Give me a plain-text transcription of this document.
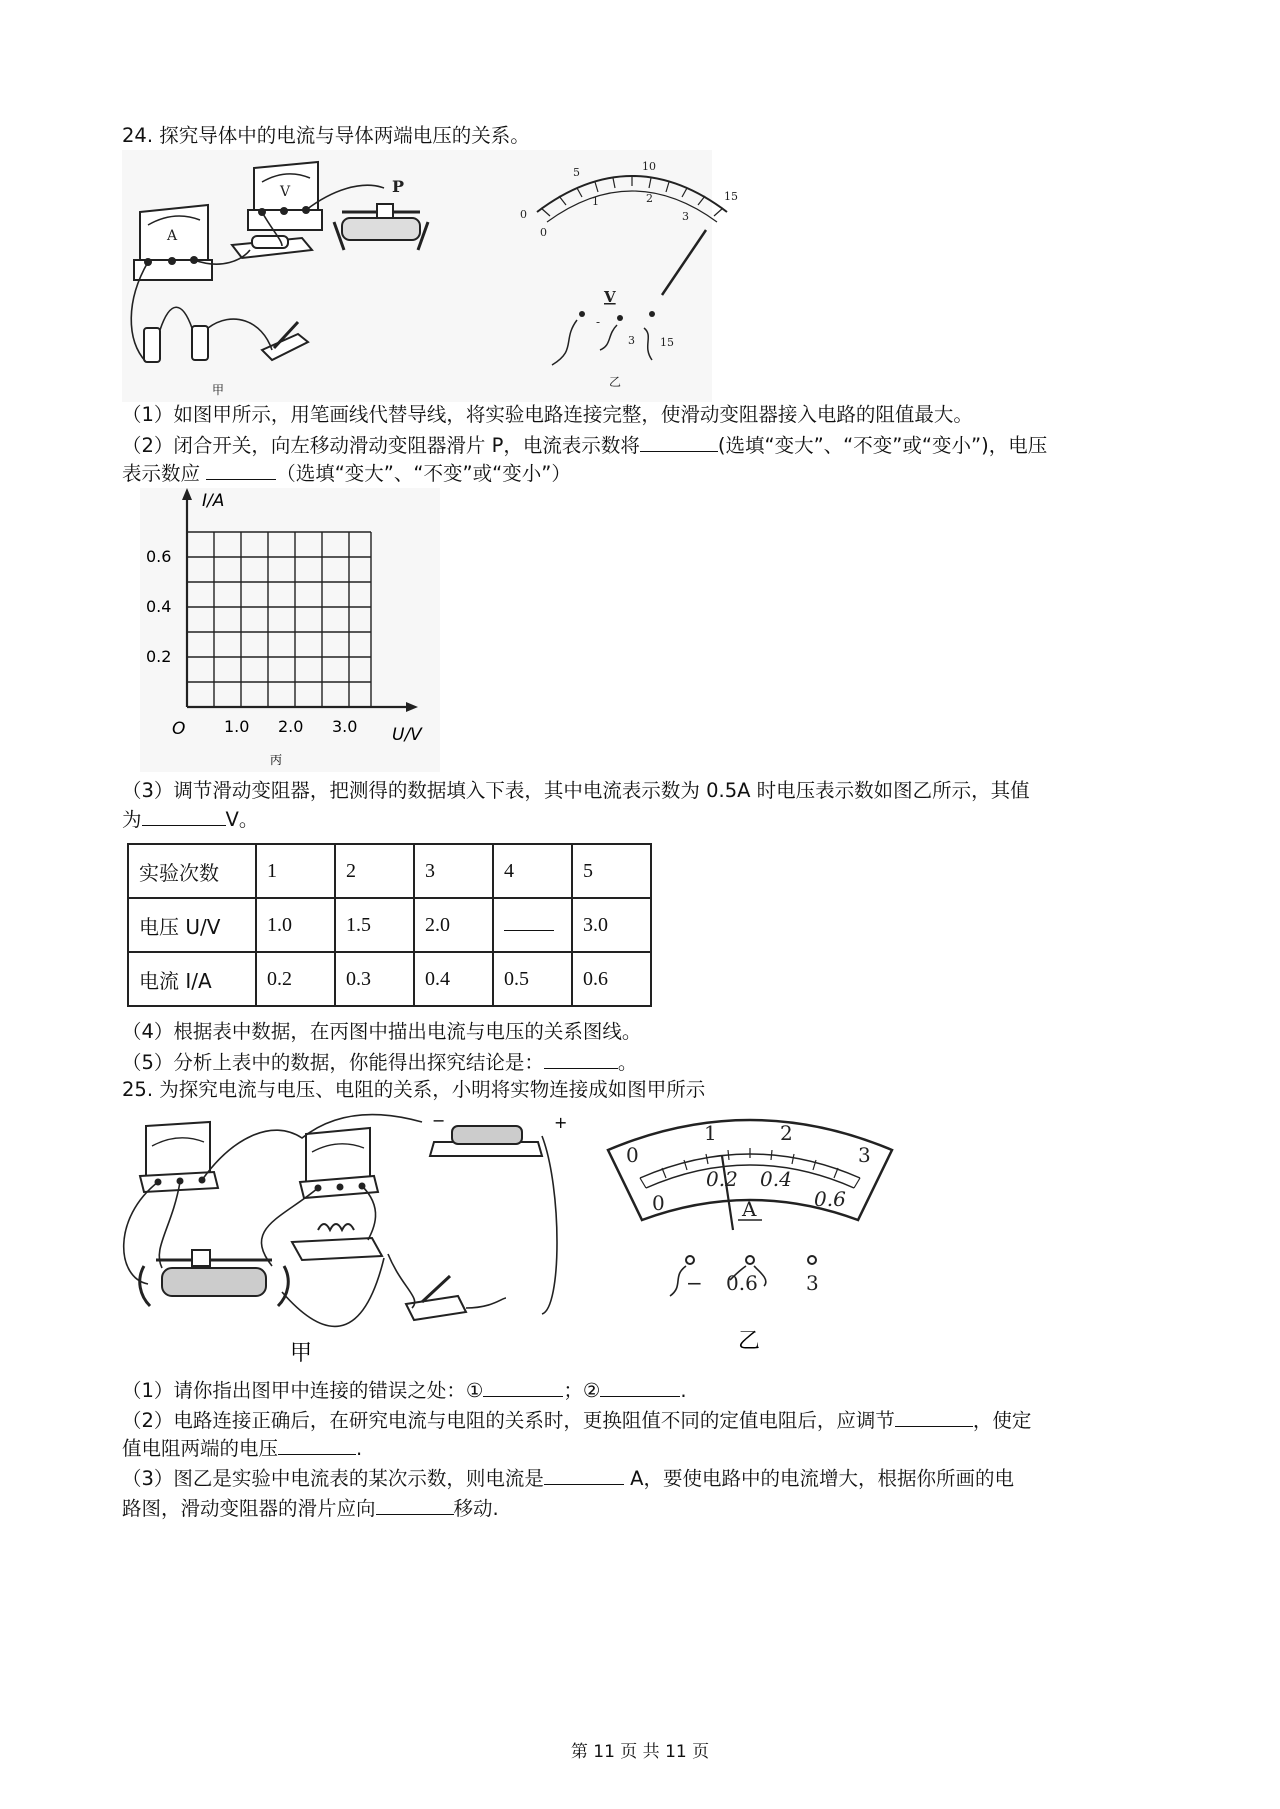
24. 探究导体中的电流与导体两端电压的关系。
A
V	P
甲
0
5	10
15
0
1	2
3
V
-
3 15
乙
（1）如图甲所示，用笔画线代替导线，将实验电路连接完整，使滑动变阻器接入电路的阻值最大。
（2）闭合开关，向左移动滑动变阻器滑片 P，电流表示数将	(选填“变大”、“不变”或“变小”)，电压
表示数应	（选填“变大”、“不变”或“变小”）
I/A
U/V
O
0.2
0.4
0.6
1.0 2.0 3.0
丙
（3）调节滑动变阻器，把测得的数据填入下表，其中电流表示数为 0.5A 时电压表示数如图乙所示，其值
为	V。
实验次数	1	2	3	4	5
电压 U/V	1.0	1.5	2.0		3.0
电流 I/A	0.2	0.3	0.4	0.5	0.6
（4）根据表中数据，在丙图中描出电流与电压的关系图线。
（5）分析上表中的数据，你能得出探究结论是：	。
25. 为探究电流与电压、电阻的关系，小明将实物连接成如图甲所示
−	+
甲
0
1	2
3
0
0.2 0.4
0.6
A
− 0.6 3
乙
（1）请你指出图甲中连接的错误之处：①	；②	.
（2）电路连接正确后，在研究电流与电阻的关系时，更换阻值不同的定值电阻后，应调节	，使定
值电阻两端的电压	.
（3）图乙是实验中电流表的某次示数，则电流是	A，要使电路中的电流增大，根据你所画的电
路图，滑动变阻器的滑片应向	移动.
第 11 页 共 11 页
